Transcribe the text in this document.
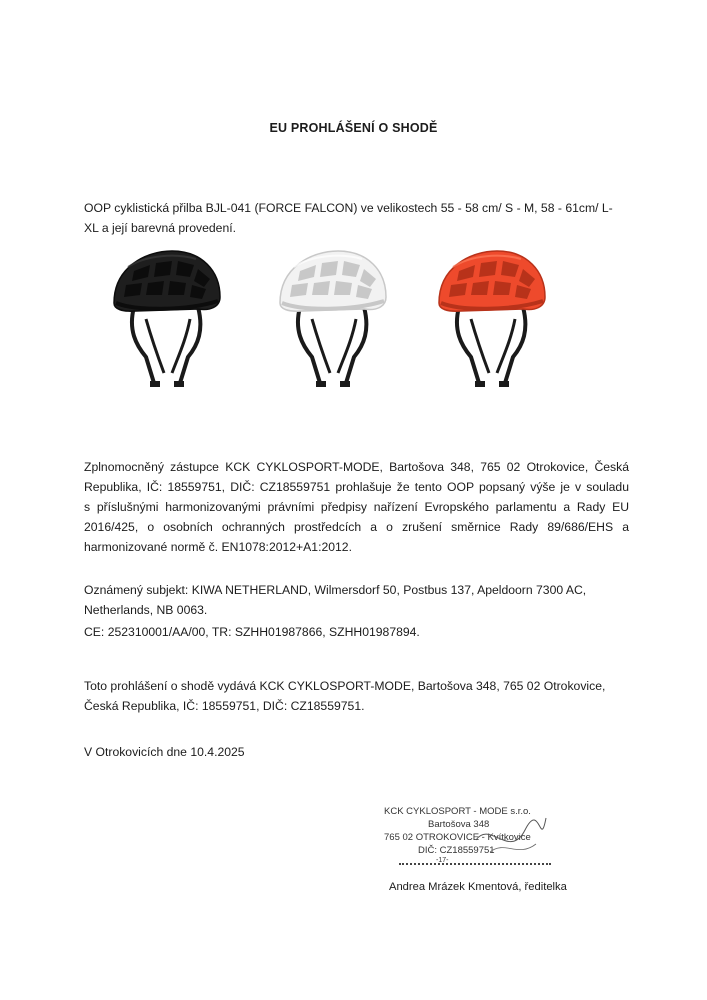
EU PROHLÁŠENÍ O SHODĚ
OOP cyklistická přilba BJL-041 (FORCE FALCON) ve velikostech 55 - 58 cm/ S - M, 58 - 61cm/ L-
XL a její barevná provedení.
Zplnomocněný zástupce KCK CYKLOSPORT-MODE, Bartošova 348, 765 02 Otrokovice, Česká
Republika, IČ: 18559751, DIČ: CZ18559751 prohlašuje že tento OOP popsaný výše je v souladu
s příslušnými harmonizovanými právními předpisy nařízení Evropského parlamentu a Rady EU
2016/425, o osobních ochranných prostředcích a o zrušení směrnice Rady 89/686/EHS a
harmonizované normě č. EN1078:2012+A1:2012.
Oznámený subjekt: KIWA NETHERLAND, Wilmersdorf 50, Postbus 137, Apeldoorn 7300 AC,
Netherlands, NB 0063.
CE: 252310001/AA/00, TR: SZHH01987866, SZHH01987894.
Toto prohlášení o shodě vydává KCK CYKLOSPORT-MODE, Bartošova 348, 765 02 Otrokovice,
Česká Republika, IČ: 18559751, DIČ: CZ18559751.
V Otrokovicích dne 10.4.2025
KCK CYKLOSPORT - MODE s.r.o.
Bartošova 348
765 02 OTROKOVICE - Kvítkovice
DIČ: CZ18559751
-17-
Andrea Mrázek Kmentová, ředitelka
